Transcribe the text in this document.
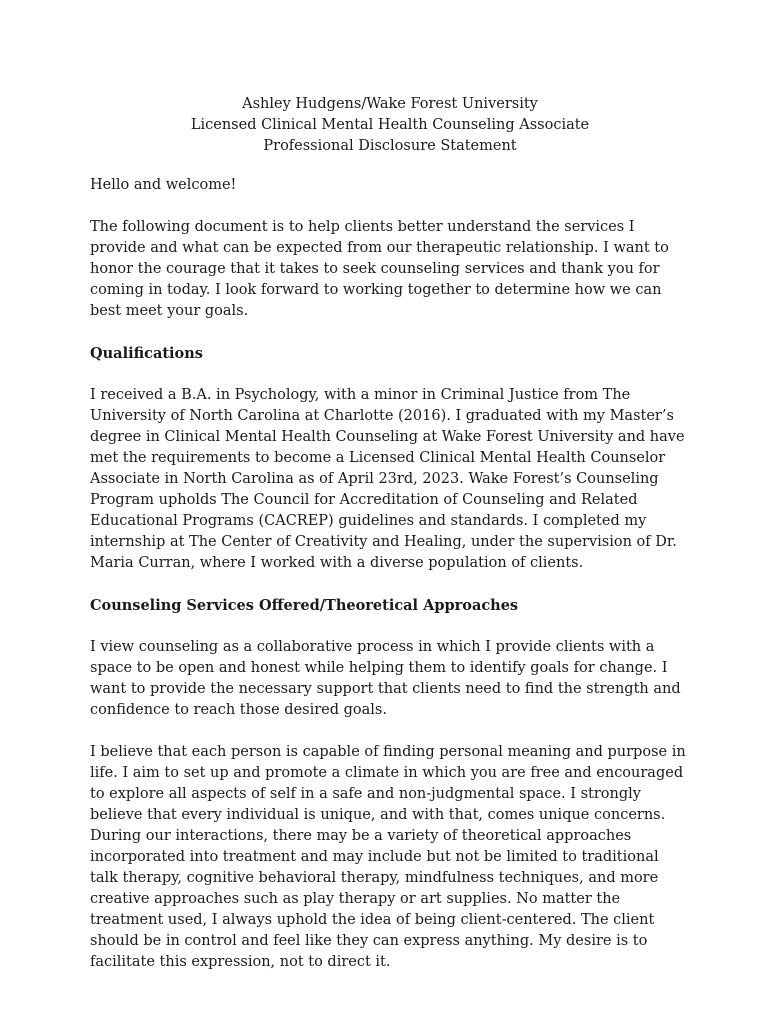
Ashley Hudgens/Wake Forest University
Licensed Clinical Mental Health Counseling Associate
Professional Disclosure Statement

Hello and welcome!

The following document is to help clients better understand the services I provide and what can be expected from our therapeutic relationship. I want to honor the courage that it takes to seek counseling services and thank you for coming in today. I look forward to working together to determine how we can best meet your goals.

Qualifications

I received a B.A. in Psychology, with a minor in Criminal Justice from The University of North Carolina at Charlotte (2016). I graduated with my Master’s degree in Clinical Mental Health Counseling at Wake Forest University and have met the requirements to become a Licensed Clinical Mental Health Counselor Associate in North Carolina as of April 23rd, 2023. Wake Forest’s Counseling Program upholds The Council for Accreditation of Counseling and Related Educational Programs (CACREP) guidelines and standards. I completed my internship at The Center of Creativity and Healing, under the supervision of Dr. Maria Curran, where I worked with a diverse population of clients.

Counseling Services Offered/Theoretical Approaches

I view counseling as a collaborative process in which I provide clients with a space to be open and honest while helping them to identify goals for change. I want to provide the necessary support that clients need to find the strength and confidence to reach those desired goals.

I believe that each person is capable of finding personal meaning and purpose in life. I aim to set up and promote a climate in which you are free and encouraged to explore all aspects of self in a safe and non-judgmental space. I strongly believe that every individual is unique, and with that, comes unique concerns. During our interactions, there may be a variety of theoretical approaches incorporated into treatment and may include but not be limited to traditional talk therapy, cognitive behavioral therapy, mindfulness techniques, and more creative approaches such as play therapy or art supplies. No matter the treatment used, I always uphold the idea of being client-centered. The client should be in control and feel like they can express anything. My desire is to facilitate this expression, not to direct it.
